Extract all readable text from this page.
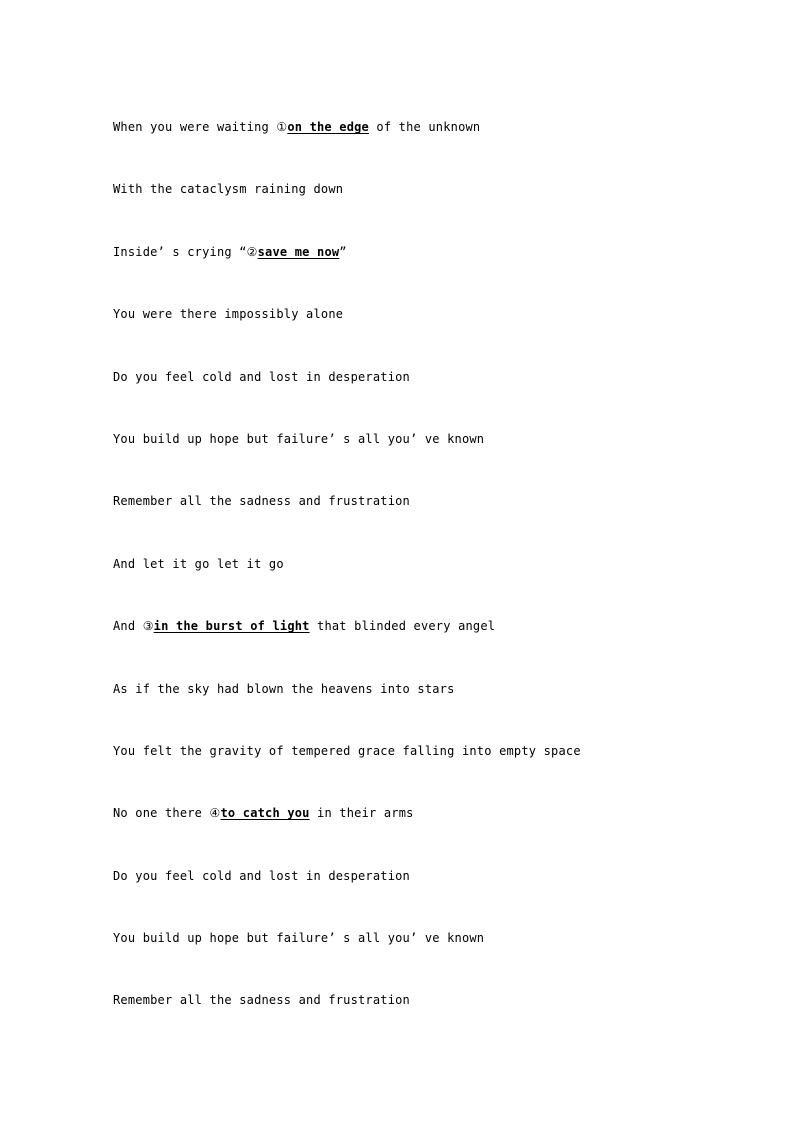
When you were waiting ①on the edge of the unknown
With the cataclysm raining down
Inside’ s crying “②save me now”
You were there impossibly alone
Do you feel cold and lost in desperation
You build up hope but failure’ s all you’ ve known
Remember all the sadness and frustration
And let it go let it go
And ③in the burst of light that blinded every angel
As if the sky had blown the heavens into stars
You felt the gravity of tempered grace falling into empty space
No one there ④to catch you in their arms
Do you feel cold and lost in desperation
You build up hope but failure’ s all you’ ve known
Remember all the sadness and frustration
